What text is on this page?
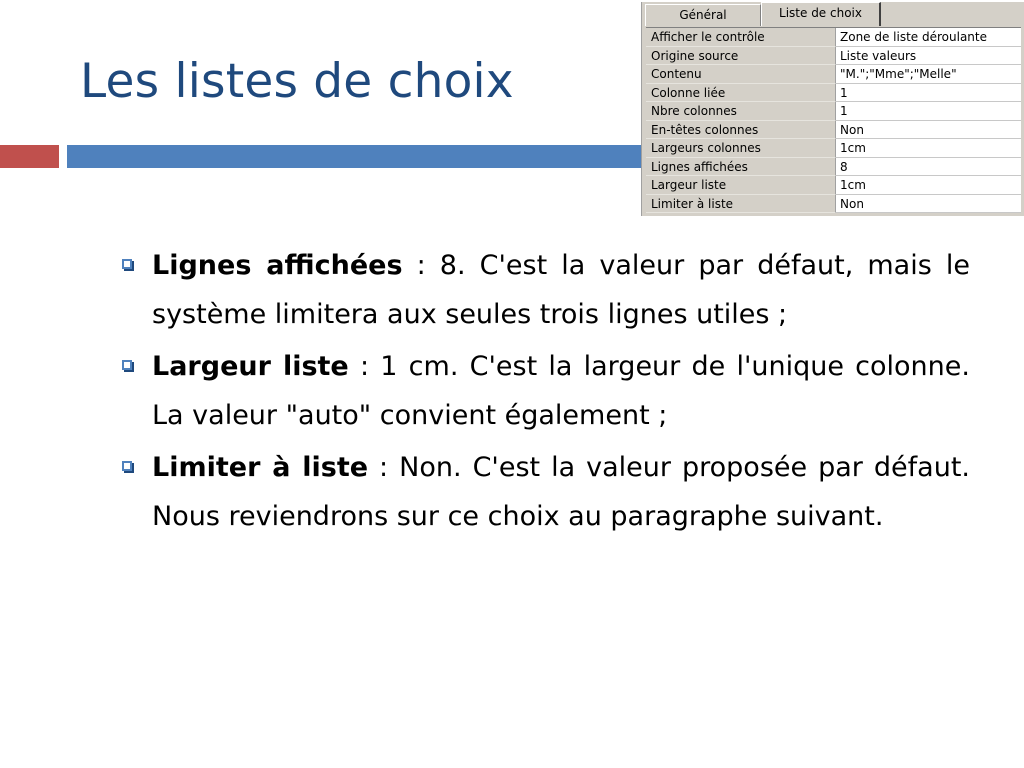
Les listes de choix
Général	Liste de choix
Afficher le contrôle	Zone de liste déroulante
Origine source	Liste valeurs
Contenu	"M.";"Mme";"Melle"
Colonne liée	1
Nbre colonnes	1
En-têtes colonnes	Non
Largeurs colonnes	1cm
Lignes affichées	8
Largeur liste	1cm
Limiter à liste	Non
Lignes affichées : 8. C'est la valeur par défaut, mais le système limitera aux seules trois lignes utiles ;
Largeur liste : 1 cm. C'est la largeur de l'unique colonne. La valeur "auto" convient également ;
Limiter à liste : Non. C'est la valeur proposée par défaut. Nous reviendrons sur ce choix au paragraphe suivant.
